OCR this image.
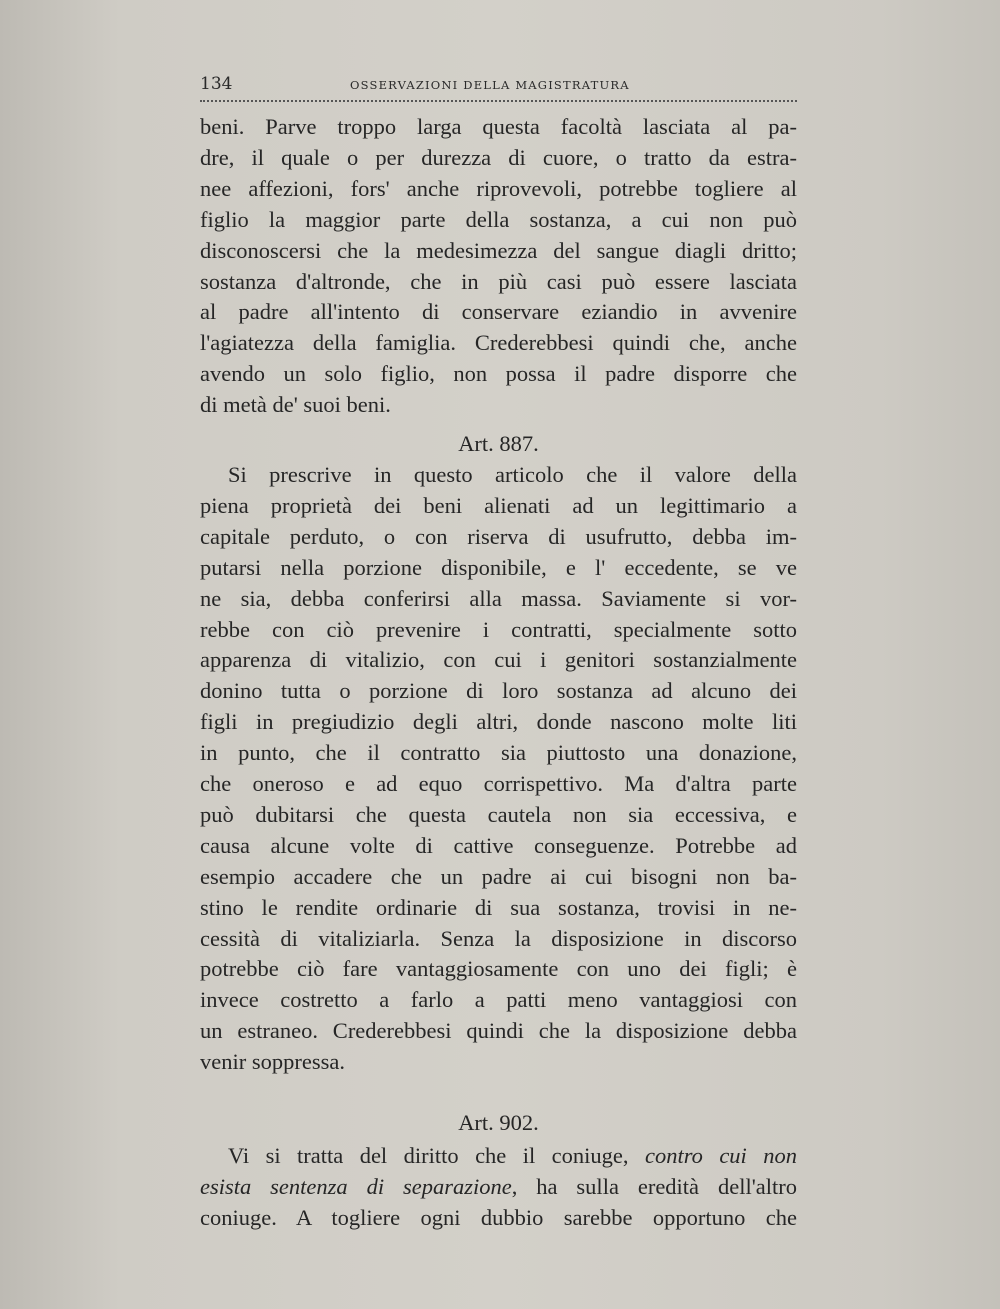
134	OSSERVAZIONI DELLA MAGISTRATURA
beni. Parve troppo larga questa facoltà lasciata al pa-
dre, il quale o per durezza di cuore, o tratto da estra-
nee affezioni, fors' anche riprovevoli, potrebbe togliere al
figlio la maggior parte della sostanza, a cui non può
disconoscersi che la medesimezza del sangue diagli dritto;
sostanza d'altronde, che in più casi può essere lasciata
al padre all'intento di conservare eziandio in avvenire
l'agiatezza della famiglia. Crederebbesi quindi che, anche
avendo un solo figlio, non possa il padre disporre che
di metà de' suoi beni.
Art. 887.
Si prescrive in questo articolo che il valore della
piena proprietà dei beni alienati ad un legittimario a
capitale perduto, o con riserva di usufrutto, debba im-
putarsi nella porzione disponibile, e l' eccedente, se ve
ne sia, debba conferirsi alla massa. Saviamente si vor-
rebbe con ciò prevenire i contratti, specialmente sotto
apparenza di vitalizio, con cui i genitori sostanzialmente
donino tutta o porzione di loro sostanza ad alcuno dei
figli in pregiudizio degli altri, donde nascono molte liti
in punto, che il contratto sia piuttosto una donazione,
che oneroso e ad equo corrispettivo. Ma d'altra parte
può dubitarsi che questa cautela non sia eccessiva, e
causa alcune volte di cattive conseguenze. Potrebbe ad
esempio accadere che un padre ai cui bisogni non ba-
stino le rendite ordinarie di sua sostanza, trovisi in ne-
cessità di vitaliziarla. Senza la disposizione in discorso
potrebbe ciò fare vantaggiosamente con uno dei figli; è
invece costretto a farlo a patti meno vantaggiosi con
un estraneo. Crederebbesi quindi che la disposizione debba
venir soppressa.
Art. 902.
Vi si tratta del diritto che il coniuge, contro cui non
esista sentenza di separazione, ha sulla eredità dell'altro
coniuge. A togliere ogni dubbio sarebbe opportuno che
